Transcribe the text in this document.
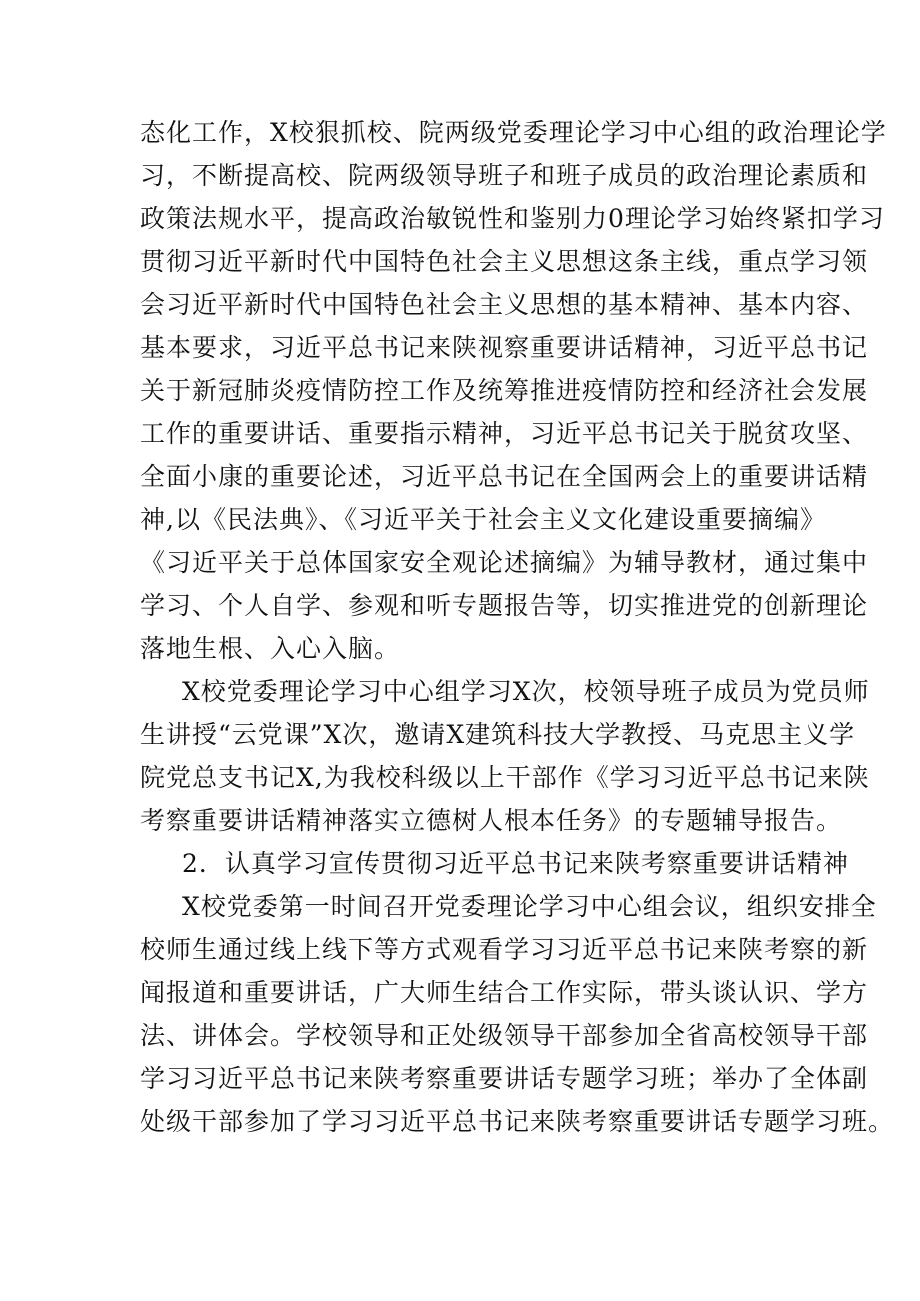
态化工作，X校狠抓校、院两级党委理论学习中心组的政治理论学
习，不断提高校、院两级领导班子和班子成员的政治理论素质和
政策法规水平，提高政治敏锐性和鉴别力0理论学习始终紧扣学习
贯彻习近平新时代中国特色社会主义思想这条主线，重点学习领
会习近平新时代中国特色社会主义思想的基本精神、基本内容、
基本要求，习近平总书记来陕视察重要讲话精神，习近平总书记
关于新冠肺炎疫情防控工作及统筹推进疫情防控和经济社会发展
工作的重要讲话、重要指示精神，习近平总书记关于脱贫攻坚、
全面小康的重要论述，习近平总书记在全国两会上的重要讲话精
神,以《民法典》、《习近平关于社会主义文化建设重要摘编》
《习近平关于总体国家安全观论述摘编》为辅导教材，通过集中
学习、个人自学、参观和听专题报告等，切实推进党的创新理论
落地生根、入心入脑。
X校党委理论学习中心组学习X次，校领导班子成员为党员师
生讲授“云党课”X次，邀请X建筑科技大学教授、马克思主义学
院党总支书记X,为我校科级以上干部作《学习习近平总书记来陕
考察重要讲话精神落实立德树人根本任务》的专题辅导报告。
2．认真学习宣传贯彻习近平总书记来陕考察重要讲话精神
X校党委第一时间召开党委理论学习中心组会议，组织安排全
校师生通过线上线下等方式观看学习习近平总书记来陕考察的新
闻报道和重要讲话，广大师生结合工作实际，带头谈认识、学方
法、讲体会。学校领导和正处级领导干部参加全省高校领导干部
学习习近平总书记来陕考察重要讲话专题学习班；举办了全体副
处级干部参加了学习习近平总书记来陕考察重要讲话专题学习班。
